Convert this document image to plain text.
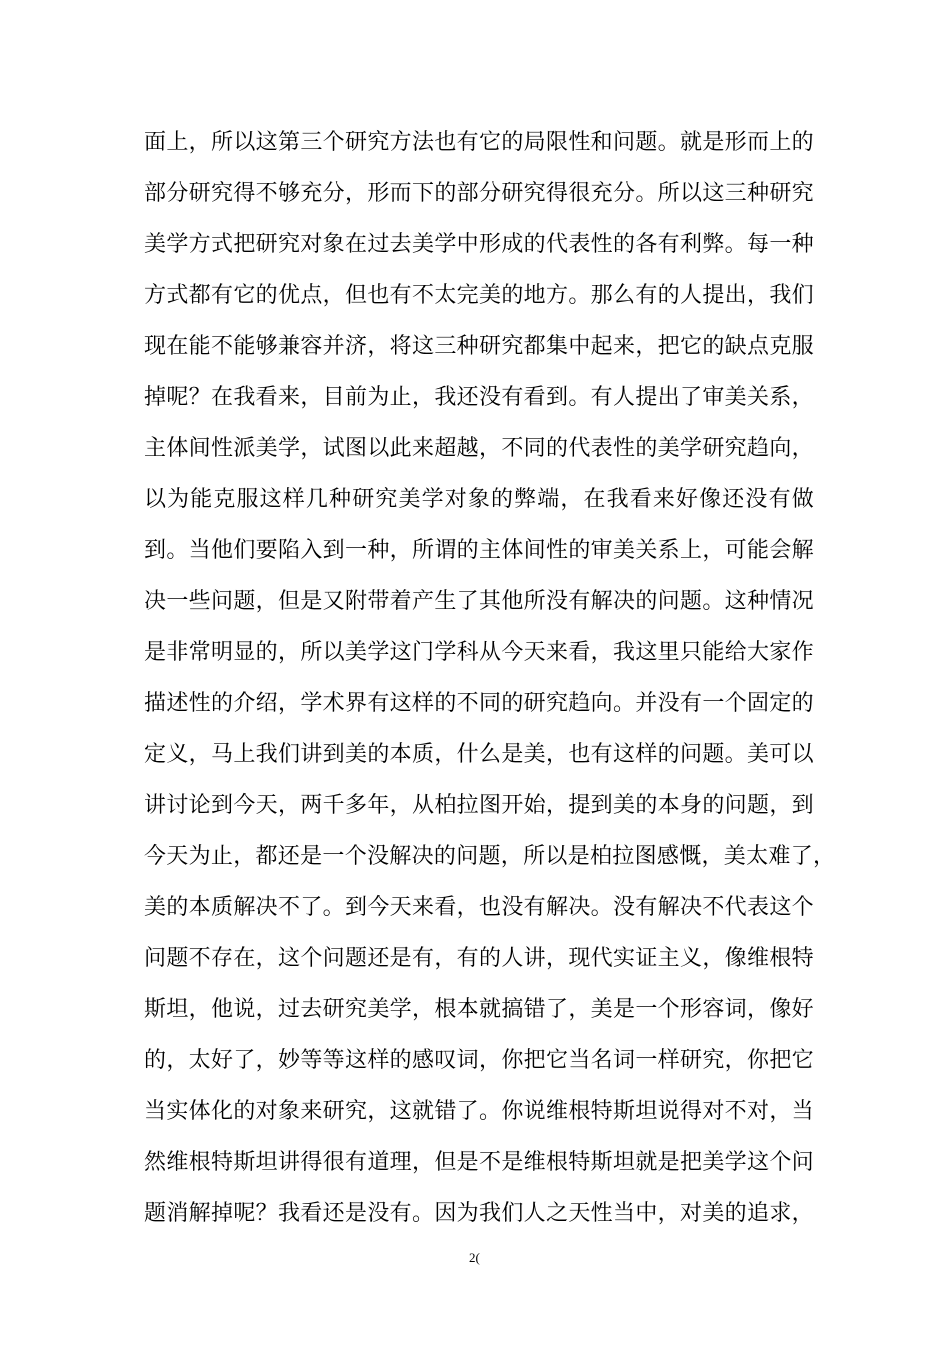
面上，所以这第三个研究方法也有它的局限性和问题。就是形而上的
部分研究得不够充分，形而下的部分研究得很充分。所以这三种研究
美学方式把研究对象在过去美学中形成的代表性的各有利弊。每一种
方式都有它的优点，但也有不太完美的地方。那么有的人提出，我们
现在能不能够兼容并济，将这三种研究都集中起来，把它的缺点克服
掉呢？在我看来，目前为止，我还没有看到。有人提出了审美关系，
主体间性派美学，试图以此来超越，不同的代表性的美学研究趋向，
以为能克服这样几种研究美学对象的弊端，在我看来好像还没有做
到。当他们要陷入到一种，所谓的主体间性的审美关系上，可能会解
决一些问题，但是又附带着产生了其他所没有解决的问题。这种情况
是非常明显的，所以美学这门学科从今天来看，我这里只能给大家作
描述性的介绍，学术界有这样的不同的研究趋向。并没有一个固定的
定义，马上我们讲到美的本质，什么是美，也有这样的问题。美可以
讲讨论到今天，两千多年，从柏拉图开始，提到美的本身的问题，到
今天为止，都还是一个没解决的问题，所以是柏拉图感慨，美太难了，
美的本质解决不了。到今天来看，也没有解决。没有解决不代表这个
问题不存在，这个问题还是有，有的人讲，现代实证主义，像维根特
斯坦，他说，过去研究美学，根本就搞错了，美是一个形容词，像好
的，太好了，妙等等这样的感叹词，你把它当名词一样研究，你把它
当实体化的对象来研究，这就错了。你说维根特斯坦说得对不对，当
然维根特斯坦讲得很有道理，但是不是维根特斯坦就是把美学这个问
题消解掉呢？我看还是没有。因为我们人之天性当中，对美的追求，
2(
